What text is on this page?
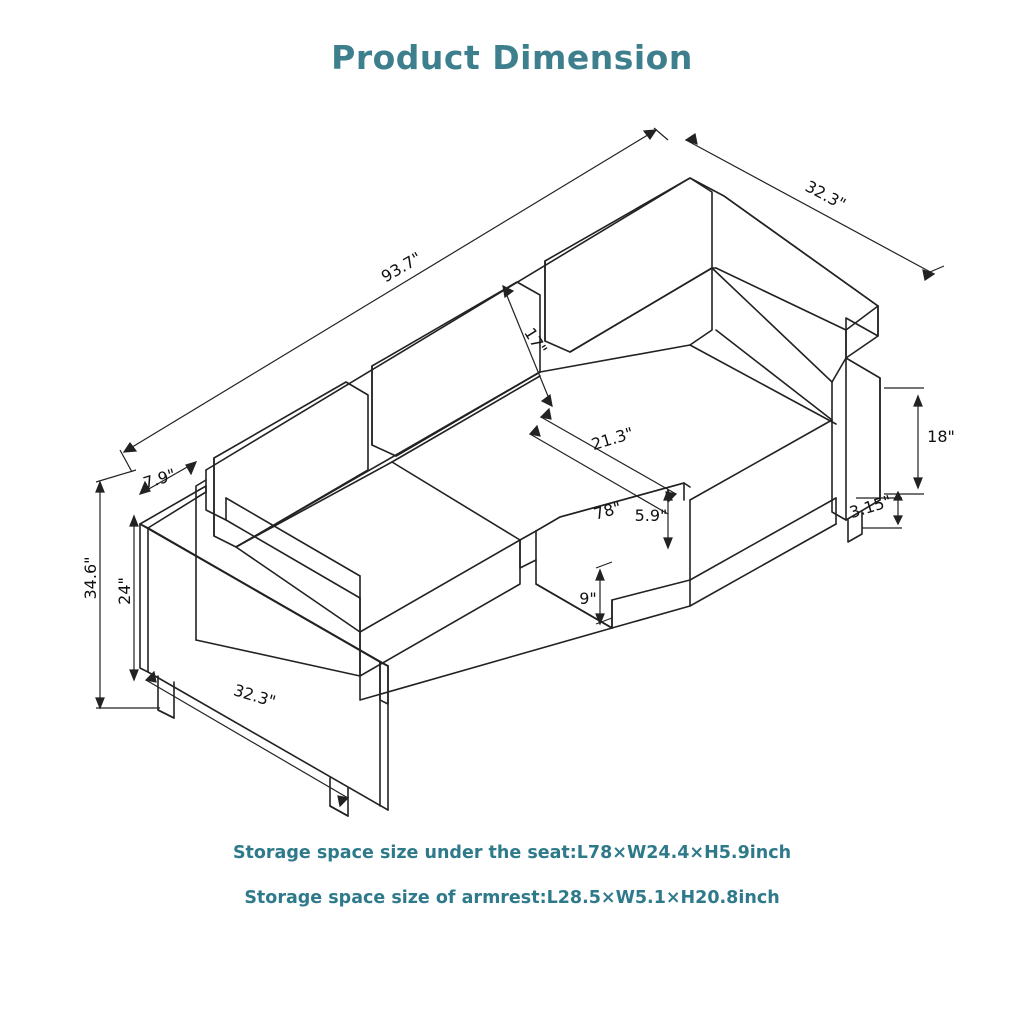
Product Dimension
93.7"
32.3"
17"
21.3"
78" 5.9"
9"
7.9"
32.3"
34.6" 24"
18"
3.15"
Storage space size under the seat:L78×W24.4×H5.9inch
Storage space size of armrest:L28.5×W5.1×H20.8inch
